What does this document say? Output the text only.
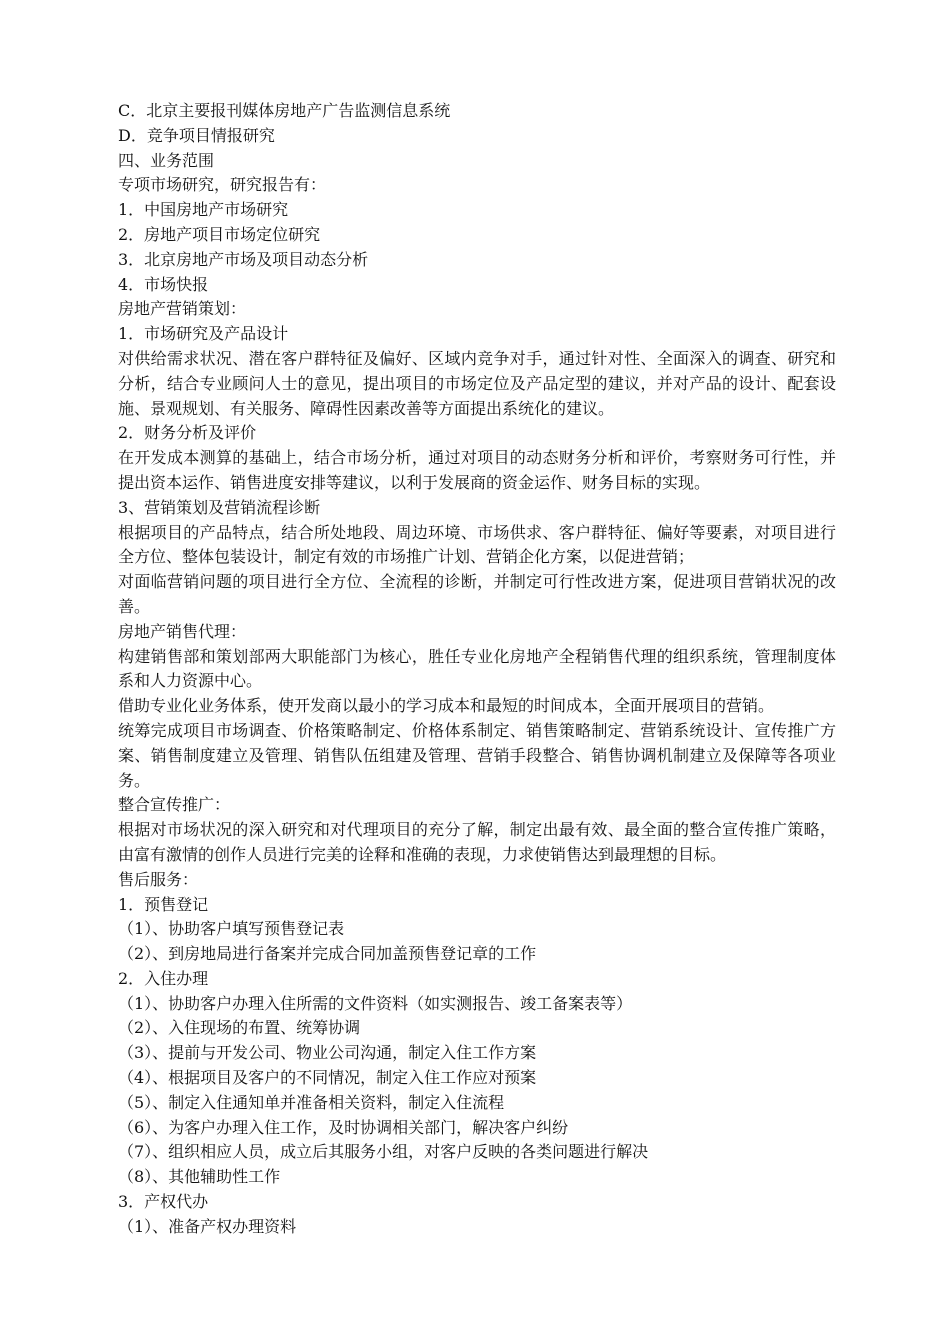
C．北京主要报刊媒体房地产广告监测信息系统
D．竞争项目情报研究
四、业务范围
专项市场研究，研究报告有：
1．中国房地产市场研究
2．房地产项目市场定位研究
3．北京房地产市场及项目动态分析
4．市场快报
房地产营销策划：
1．市场研究及产品设计
对供给需求状况、潜在客户群特征及偏好、区域内竞争对手，通过针对性、全面深入的调查、研究和分析，结合专业顾问人士的意见，提出项目的市场定位及产品定型的建议，并对产品的设计、配套设施、景观规划、有关服务、障碍性因素改善等方面提出系统化的建议。
2．财务分析及评价
在开发成本测算的基础上，结合市场分析，通过对项目的动态财务分析和评价，考察财务可行性，并提出资本运作、销售进度安排等建议，以利于发展商的资金运作、财务目标的实现。
3、营销策划及营销流程诊断
根据项目的产品特点，结合所处地段、周边环境、市场供求、客户群特征、偏好等要素，对项目进行全方位、整体包装设计，制定有效的市场推广计划、营销企化方案，以促进营销；
对面临营销问题的项目进行全方位、全流程的诊断，并制定可行性改进方案，促进项目营销状况的改善。
房地产销售代理：
构建销售部和策划部两大职能部门为核心，胜任专业化房地产全程销售代理的组织系统，管理制度体系和人力资源中心。
借助专业化业务体系，使开发商以最小的学习成本和最短的时间成本，全面开展项目的营销。
统筹完成项目市场调查、价格策略制定、价格体系制定、销售策略制定、营销系统设计、宣传推广方案、销售制度建立及管理、销售队伍组建及管理、营销手段整合、销售协调机制建立及保障等各项业务。
整合宣传推广：
根据对市场状况的深入研究和对代理项目的充分了解，制定出最有效、最全面的整合宣传推广策略，由富有激情的创作人员进行完美的诠释和准确的表现，力求使销售达到最理想的目标。
售后服务：
1．预售登记
（1）、协助客户填写预售登记表
（2）、到房地局进行备案并完成合同加盖预售登记章的工作
2．入住办理
（1）、协助客户办理入住所需的文件资料（如实测报告、竣工备案表等）
（2）、入住现场的布置、统筹协调
（3）、提前与开发公司、物业公司沟通，制定入住工作方案
（4）、根据项目及客户的不同情况，制定入住工作应对预案
（5）、制定入住通知单并准备相关资料，制定入住流程
（6）、为客户办理入住工作，及时协调相关部门，解决客户纠纷
（7）、组织相应人员，成立后其服务小组，对客户反映的各类问题进行解决
（8）、其他辅助性工作
3．产权代办
（1）、准备产权办理资料
